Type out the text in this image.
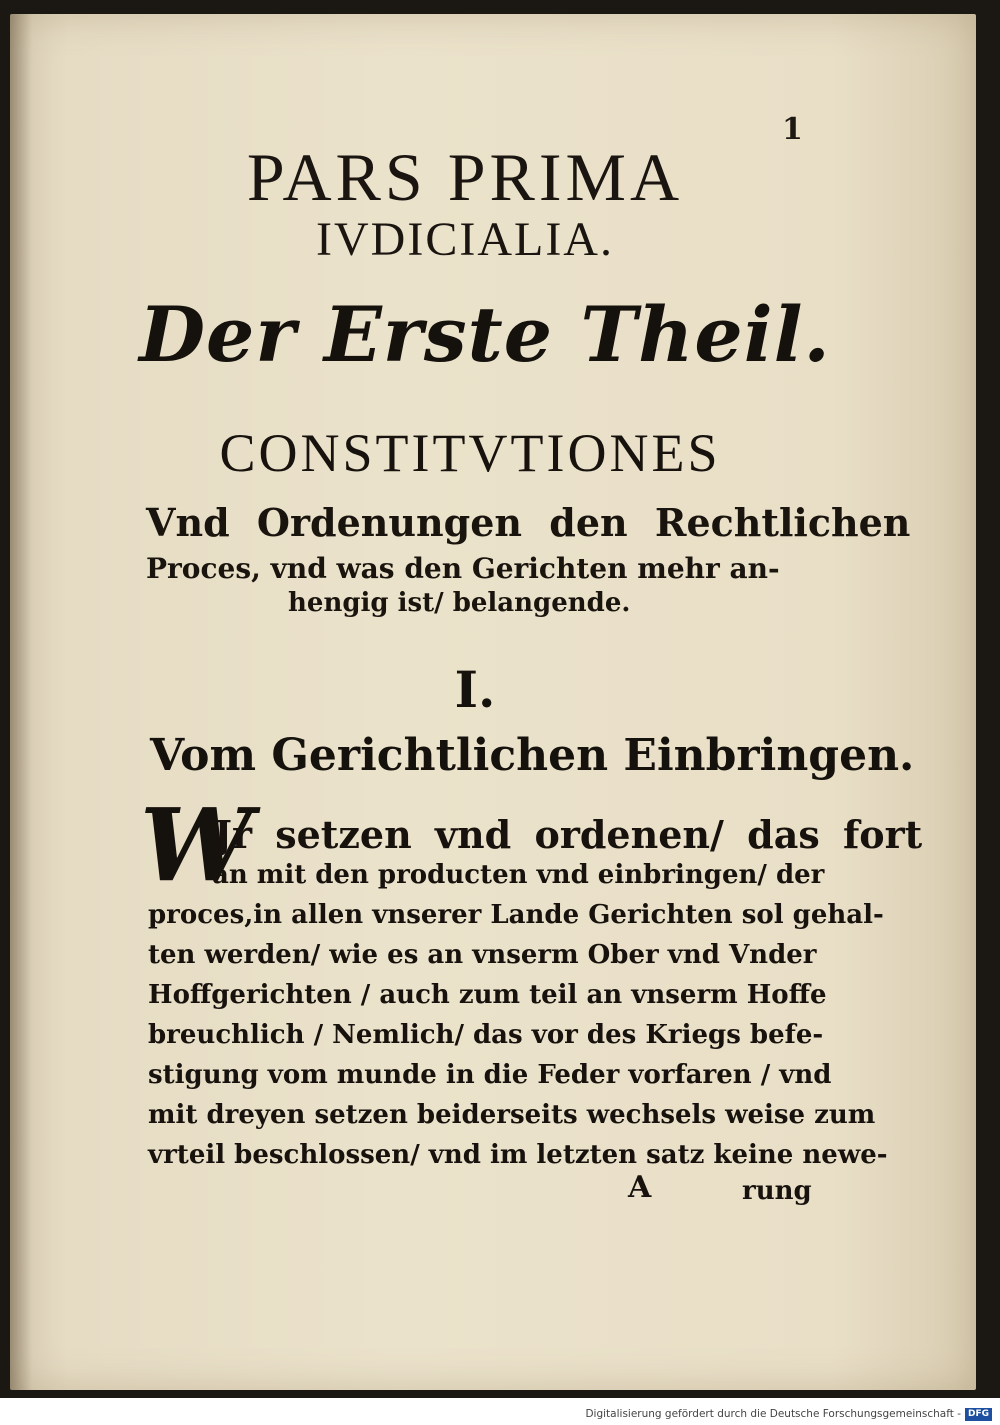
1
PARS PRIMA
IVDICIALIA.
Der Erste Theil.
CONSTITVTIONES
Vnd Ordenungen den Rechtlichen
Proces, vnd was den Gerichten mehr an-
hengig ist/ belangende.
I.
Vom Gerichtlichen Einbringen.
W
Jr setzen vnd ordenen/ das fort
an mit den producten vnd einbringen/ der
proces,in allen vnserer Lande Gerichten sol gehal-
ten werden/ wie es an vnserm Ober vnd Vnder
Hoffgerichten / auch zum teil an vnserm Hoffe
breuchlich / Nemlich/ das vor des Kriegs befe-
stigung vom munde in die Feder vorfaren / vnd
mit dreyen setzen beiderseits wechsels weise zum
vrteil beschlossen/ vnd im letzten satz keine newe-
A	rung
Digitalisierung gefördert durch die Deutsche Forschungsgemeinschaft - DFG
